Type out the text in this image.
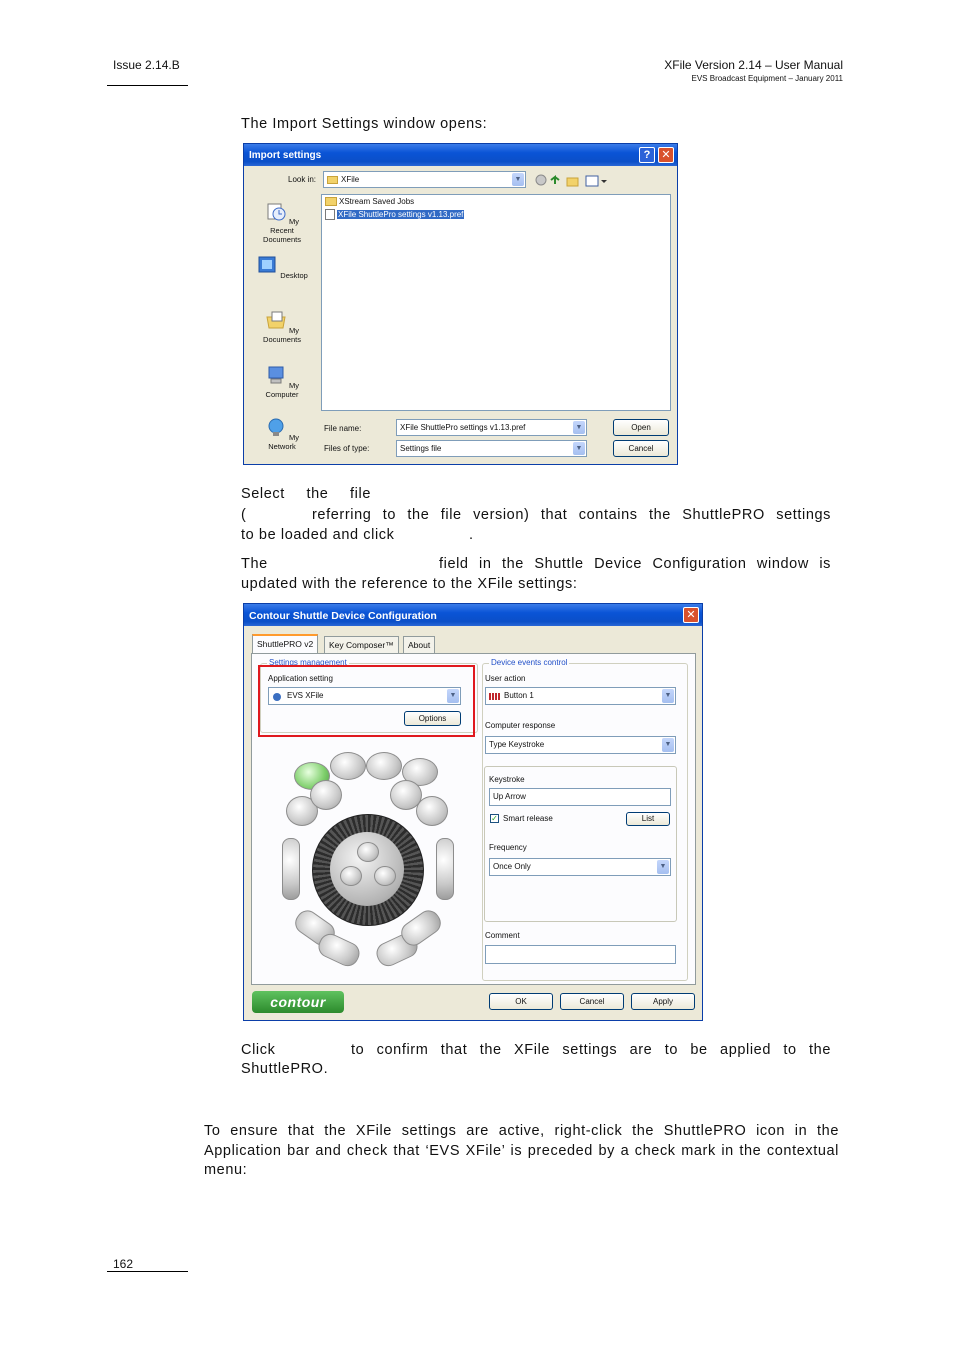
Issue 2.14.B	XFile Version 2.14 – User Manual
EVS Broadcast Equipment – January 2011
The Import Settings window opens:
Import settings	?	✕
Look in:	XFile	▼
My Recent Documents
Desktop
My Documents
My Computer
My Network
XStream Saved Jobs
XFile ShuttlePro settings v1.13.pref
File name:	XFile ShuttlePro settings v1.13.pref	▼
Files of type:	Settings file	▼
Open
Cancel
Select the file
(	referring to the file version) that contains the ShuttlePRO settings
to be loaded and click	.
The	field in the Shuttle Device Configuration window is
updated with the reference to the XFile settings:
Contour Shuttle Device Configuration	✕
ShuttlePRO v2	Key Composer™	About
Settings management
Application setting
EVS XFile	▼
Options
Device events control
User action
Button 1	▼
Computer response
Type Keystroke	▼
Keystroke
Up Arrow
✓ Smart release	List
Frequency
Once Only	▼
Comment
contour	OK	Cancel	Apply
Click	to confirm that the XFile settings are to be applied to the
ShuttlePRO.
To ensure that the XFile settings are active, right-click the ShuttlePRO icon in the Application bar and check that ‘EVS XFile’ is preceded by a check mark in the contextual menu:
162
